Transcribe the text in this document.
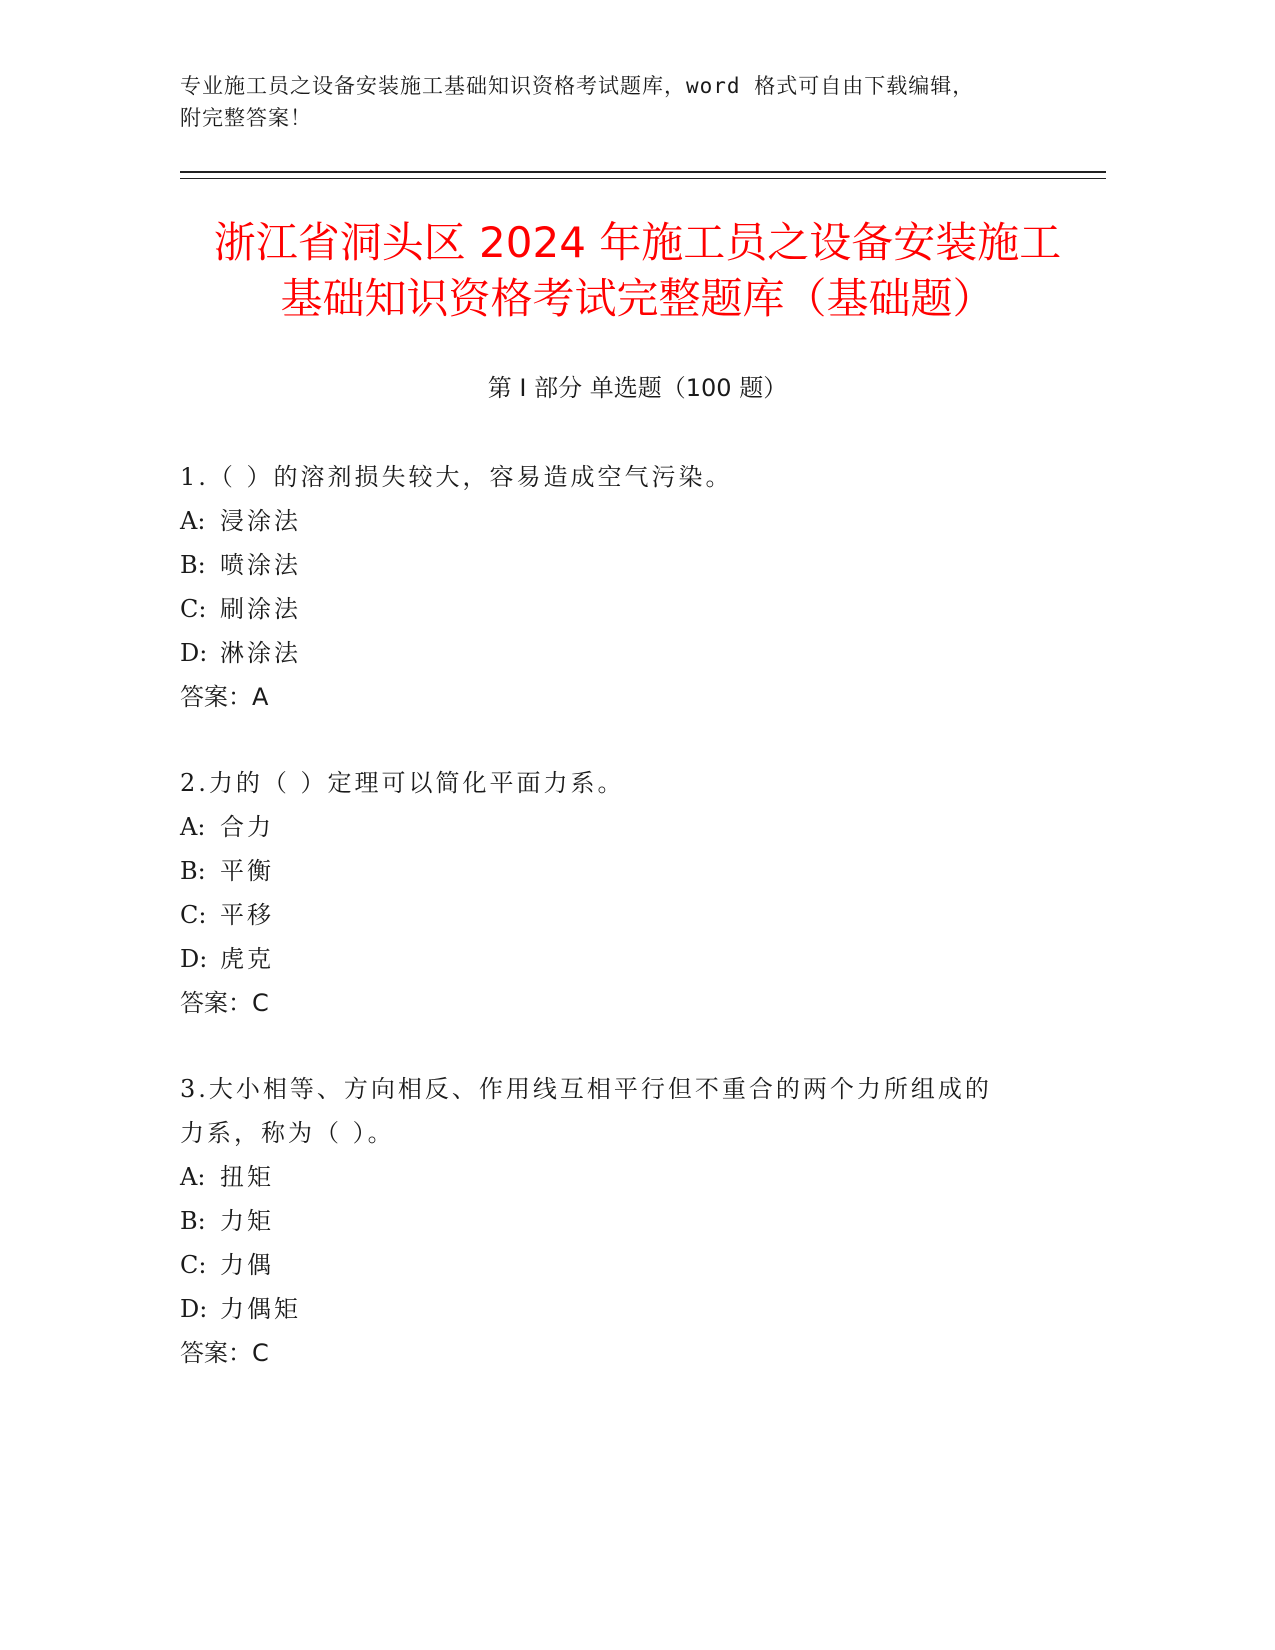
专业施工员之设备安装施工基础知识资格考试题库，word 格式可自由下载编辑，
附完整答案！
浙江省洞头区 2024 年施工员之设备安装施工
基础知识资格考试完整题库（基础题）
第 I 部分 单选题（100 题）
1.（ ）的溶剂损失较大，容易造成空气污染。
A: 浸涂法
B: 喷涂法
C: 刷涂法
D: 淋涂法
答案：A
2.力的（ ）定理可以简化平面力系。
A: 合力
B: 平衡
C: 平移
D: 虎克
答案：C
3.大小相等、方向相反、作用线互相平行但不重合的两个力所组成的
力系，称为（ ）。
A: 扭矩
B: 力矩
C: 力偶
D: 力偶矩
答案：C
